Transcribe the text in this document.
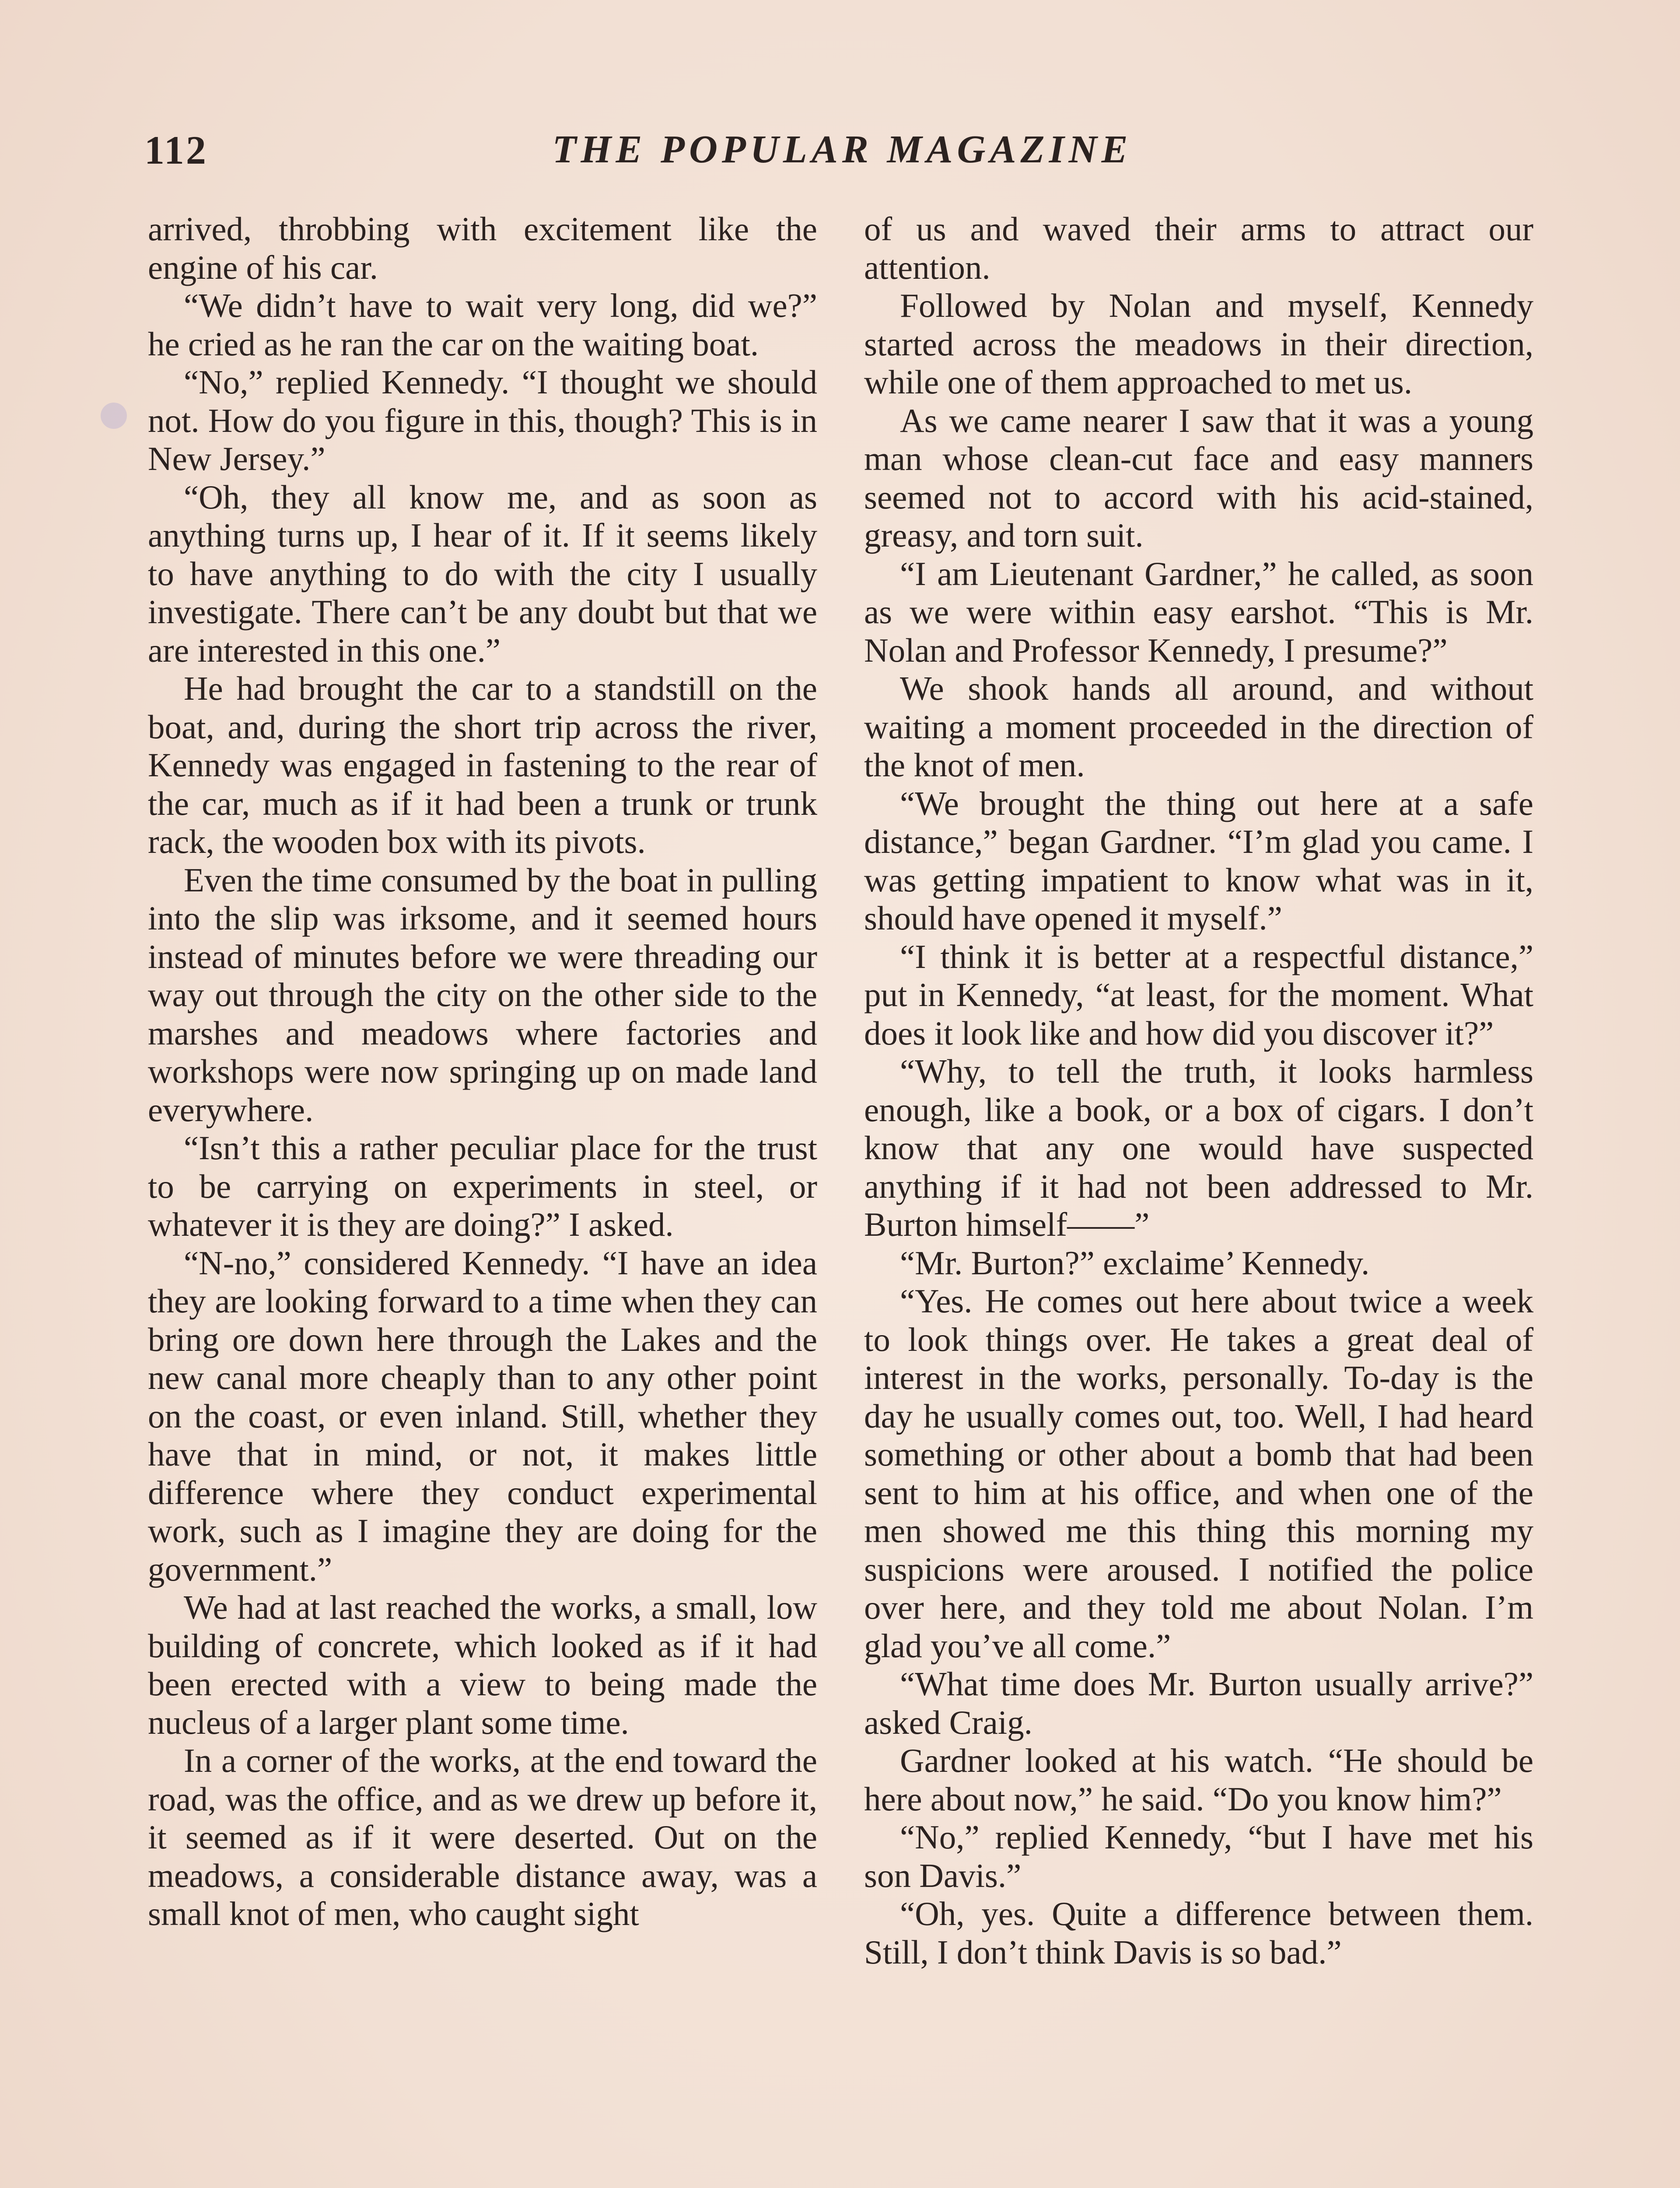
112	THE POPULAR MAGAZINE

arrived, throbbing with excitement like the engine of his car.

“We didn’t have to wait very long, did we?” he cried as he ran the car on the waiting boat.

“No,” replied Kennedy. “I thought we should not. How do you figure in this, though? This is in New Jersey.”

“Oh, they all know me, and as soon as anything turns up, I hear of it. If it seems likely to have anything to do with the city I usually investigate. There can’t be any doubt but that we are interested in this one.”

He had brought the car to a standstill on the boat, and, during the short trip across the river, Kennedy was engaged in fastening to the rear of the car, much as if it had been a trunk or trunk rack, the wooden box with its pivots.

Even the time consumed by the boat in pulling into the slip was irksome, and it seemed hours instead of minutes before we were threading our way out through the city on the other side to the marshes and meadows where factories and workshops were now springing up on made land everywhere.

“Isn’t this a rather peculiar place for the trust to be carrying on experiments in steel, or whatever it is they are doing?” I asked.

“N-no,” considered Kennedy. “I have an idea they are looking forward to a time when they can bring ore down here through the Lakes and the new canal more cheaply than to any other point on the coast, or even inland. Still, whether they have that in mind, or not, it makes little difference where they conduct experimental work, such as I imagine they are doing for the government.”

We had at last reached the works, a small, low building of concrete, which looked as if it had been erected with a view to being made the nucleus of a larger plant some time.

In a corner of the works, at the end toward the road, was the office, and as we drew up before it, it seemed as if it were deserted. Out on the meadows, a considerable distance away, was a small knot of men, who caught sight

of us and waved their arms to attract our attention.

Followed by Nolan and myself, Kennedy started across the meadows in their direction, while one of them approached to met us.

As we came nearer I saw that it was a young man whose clean-cut face and easy manners seemed not to accord with his acid-stained, greasy, and torn suit.

“I am Lieutenant Gardner,” he called, as soon as we were within easy earshot. “This is Mr. Nolan and Professor Kennedy, I presume?”

We shook hands all around, and without waiting a moment proceeded in the direction of the knot of men.

“We brought the thing out here at a safe distance,” began Gardner. “I’m glad you came. I was getting impatient to know what was in it, should have opened it myself.”

“I think it is better at a respectful distance,” put in Kennedy, “at least, for the moment. What does it look like and how did you discover it?”

“Why, to tell the truth, it looks harmless enough, like a book, or a box of cigars. I don’t know that any one would have suspected anything if it had not been addressed to Mr. Burton himself——”

“Mr. Burton?” exclaime’ Kennedy.

“Yes. He comes out here about twice a week to look things over. He takes a great deal of interest in the works, personally. To-day is the day he usually comes out, too. Well, I had heard something or other about a bomb that had been sent to him at his office, and when one of the men showed me this thing this morning my suspicions were aroused. I notified the police over here, and they told me about Nolan. I’m glad you’ve all come.”

“What time does Mr. Burton usually arrive?” asked Craig.

Gardner looked at his watch. “He should be here about now,” he said. “Do you know him?”

“No,” replied Kennedy, “but I have met his son Davis.”

“Oh, yes. Quite a difference between them. Still, I don’t think Davis is so bad.”
